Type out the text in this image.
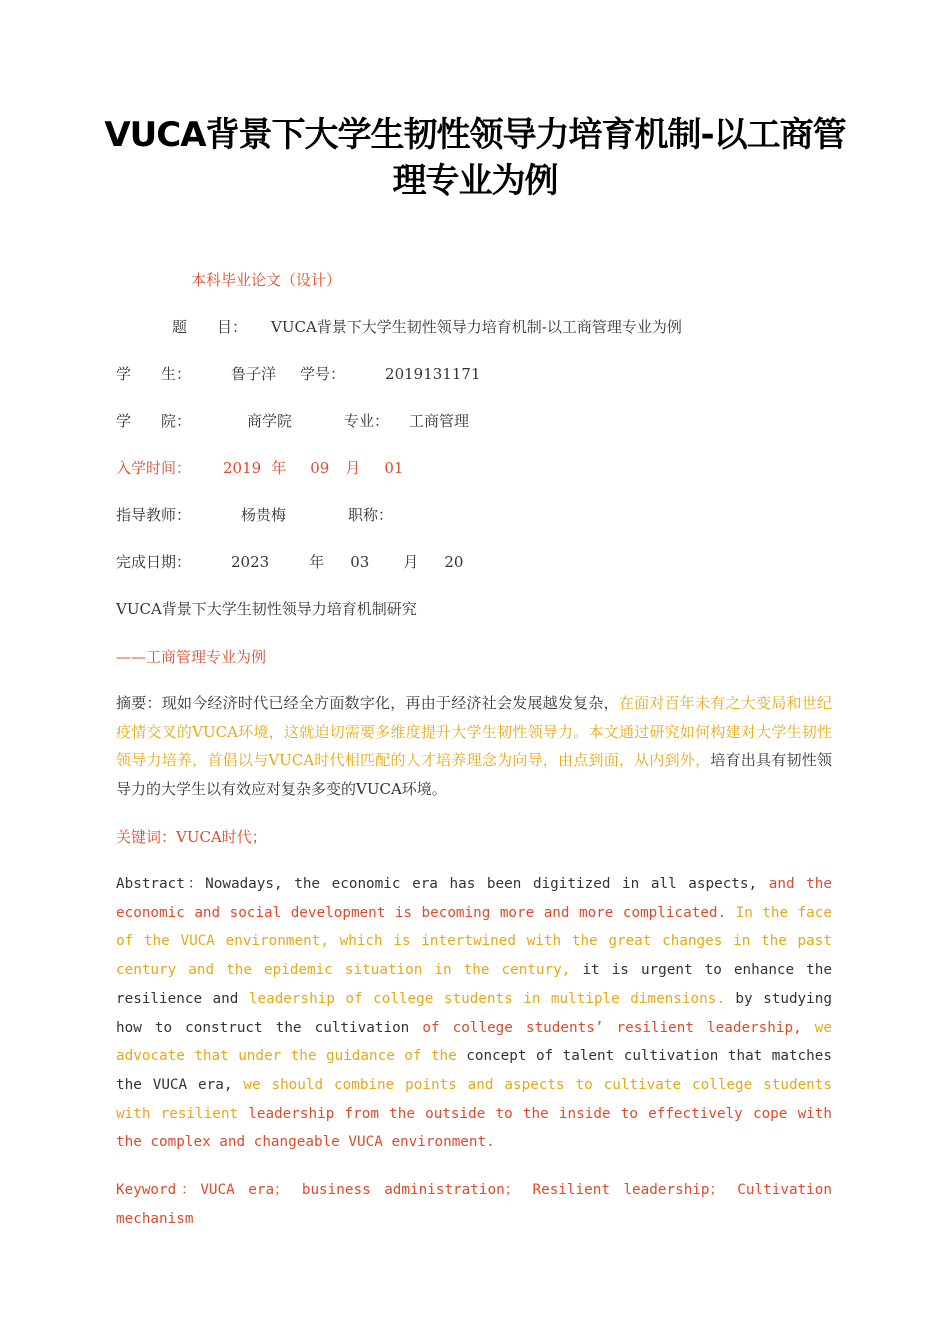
VUCA背景下大学生韧性领导力培育机制-以工商管理专业为例
本科毕业论文（设计）
题　　目： VUCA背景下大学生韧性领导力培育机制-以工商管理专业为例
学　　生：	鲁子洋 学号：	2019131171
学　　院：	商学院	专业： 工商管理
入学时间： 2019 年 09 月 01
指导教师：	杨贵梅	职称：
完成日期：	2023	年 03 月 20
VUCA背景下大学生韧性领导力培育机制研究
——工商管理专业为例
摘要：现如今经济时代已经全方面数字化，再由于经济社会发展越发复杂，在面对百年未有之大变局和世纪疫情交叉的VUCA环境，这就迫切需要多维度提升大学生韧性领导力。本文通过研究如何构建对大学生韧性领导力培养，首倡以与VUCA时代相匹配的人才培养理念为向导，由点到面，从内到外，培育出具有韧性领导力的大学生以有效应对复杂多变的VUCA环境。
关键词：VUCA时代；
Abstract：Nowadays, the economic era has been digitized in all aspects, and the economic and social development is becoming more and more complicated. In the face of the VUCA environment, which is intertwined with the great changes in the past century and the epidemic situation in the century, it is urgent to enhance the resilience and leadership of college students in multiple dimensions. by studying how to construct the cultivation of college students’ resilient leadership, we advocate that under the guidance of the concept of talent cultivation that matches the VUCA era, we should combine points and aspects to cultivate college students with resilient leadership from the outside to the inside to effectively cope with the complex and changeable VUCA environment.
Keyword：VUCA era； business administration； Resilient leadership； Cultivation mechanism
